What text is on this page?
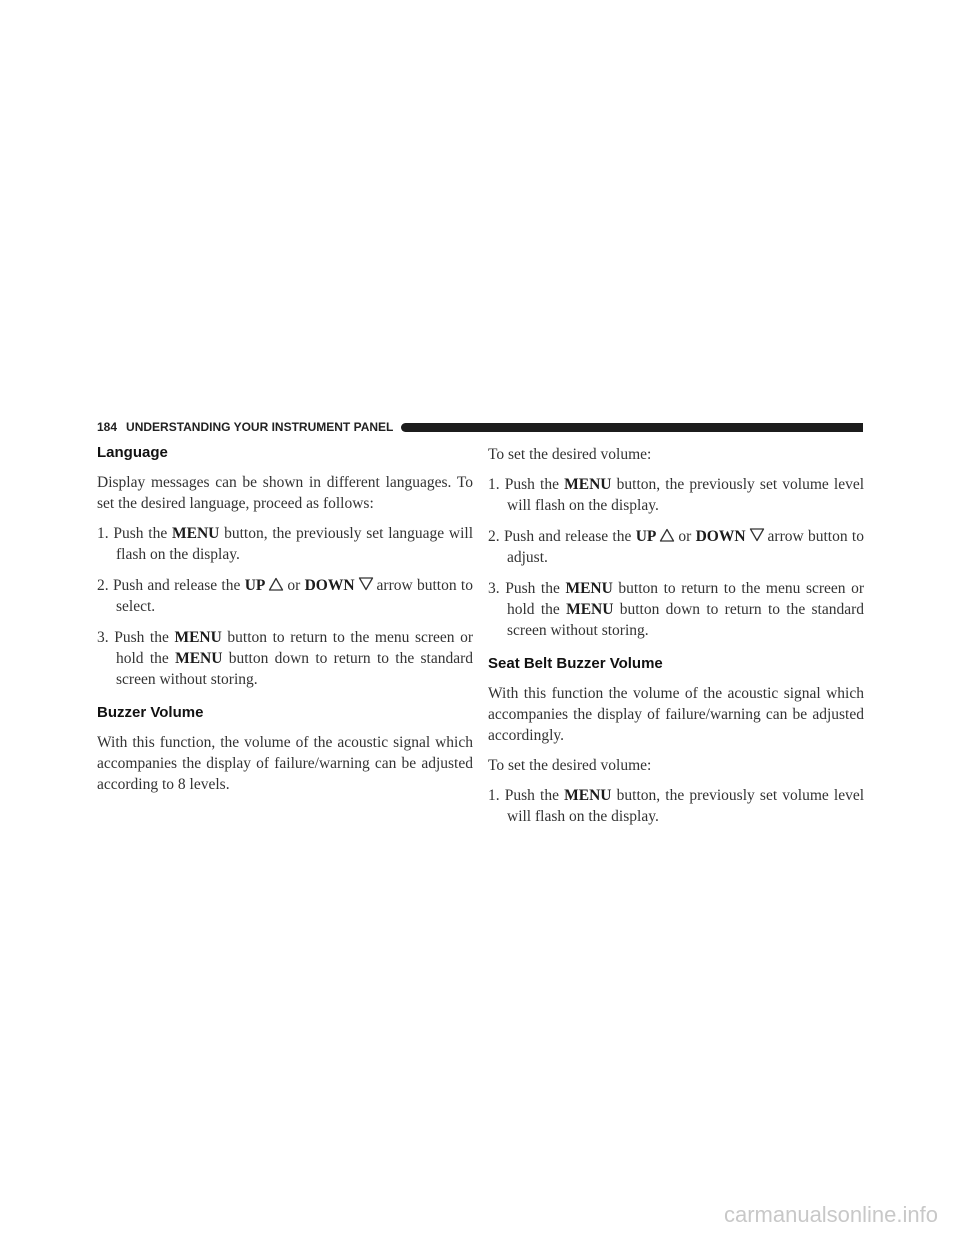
184 UNDERSTANDING YOUR INSTRUMENT PANEL
Language

Display messages can be shown in different languages. To set the desired language, proceed as follows:

1. Push the MENU button, the previously set language will flash on the display.
2. Push and release the UP or DOWN arrow button to select.
3. Push the MENU button to return to the menu screen or hold the MENU button down to return to the standard screen without storing.
Buzzer Volume

With this function, the volume of the acoustic signal which accompanies the display of failure/warning can be adjusted according to 8 levels.

To set the desired volume:

1. Push the MENU button, the previously set volume level will flash on the display.
2. Push and release the UP or DOWN arrow button to adjust.
3. Push the MENU button to return to the menu screen or hold the MENU button down to return to the standard screen without storing.
Seat Belt Buzzer Volume

With this function the volume of the acoustic signal which accompanies the display of failure/warning can be adjusted accordingly.

To set the desired volume:

1. Push the MENU button, the previously set volume level will flash on the display.
carmanualsonline.info
